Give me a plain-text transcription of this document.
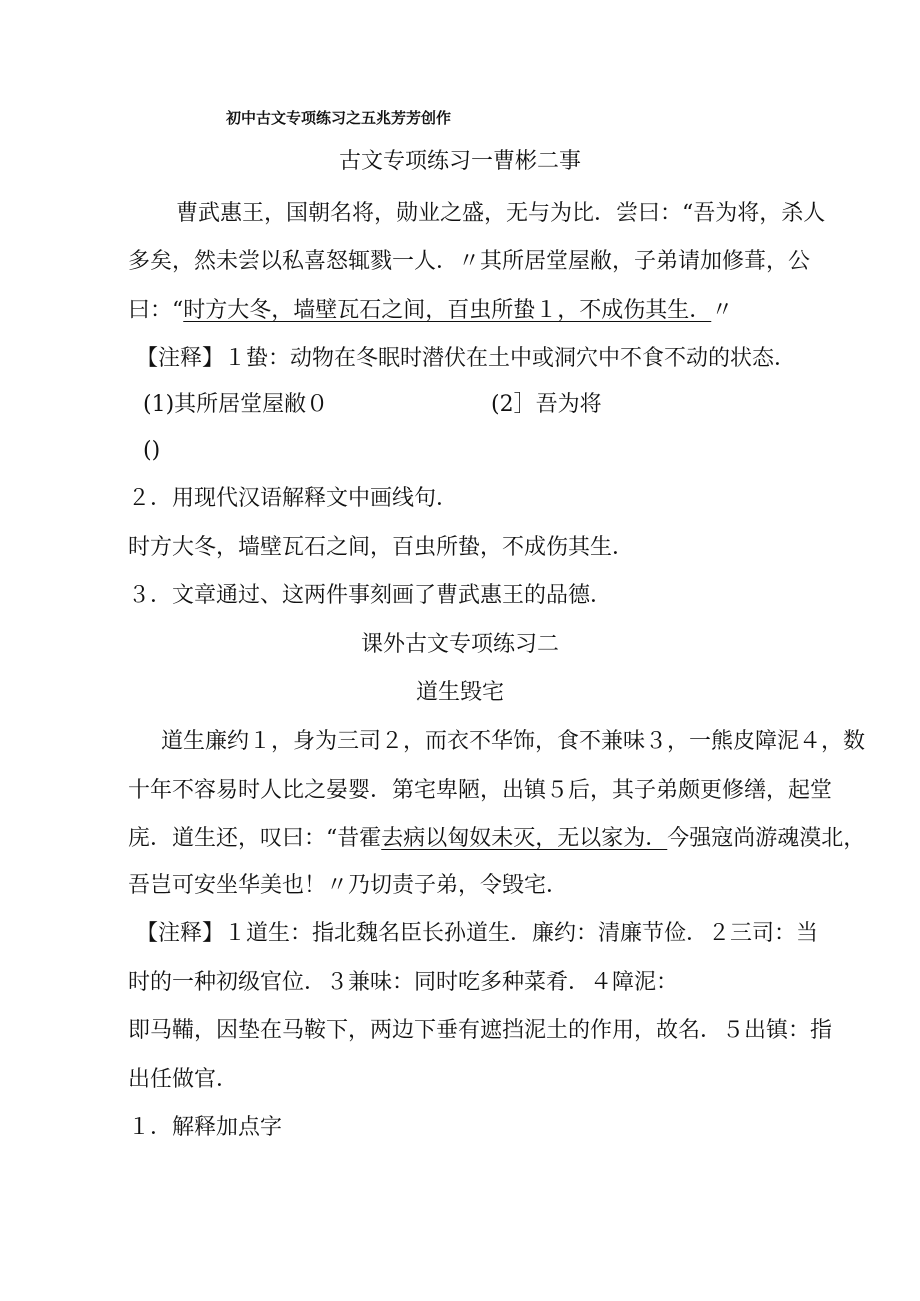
初中古文专项练习之五兆芳芳创作
古文专项练习一曹彬二事
曹武惠王，国朝名将，勋业之盛，无与为比．尝曰：“吾为将，杀人
多矣，然未尝以私喜怒辄戮一人．〃其所居堂屋敝，子弟请加修葺，公
曰：“时方大冬，墙壁瓦石之间，百虫所蛰１，不成伤其生．〃
【注释】１蛰：动物在冬眠时潜伏在土中或洞穴中不食不动的状态．
(1)其所居堂屋敝０	(2］吾为将
()
２．用现代汉语解释文中画线句．
时方大冬，墙壁瓦石之间，百虫所蛰，不成伤其生．
３．文章通过、这两件事刻画了曹武惠王的品德．
课外古文专项练习二
道生毁宅
道生廉约１，身为三司２，而衣不华饰，食不兼味３，一熊皮障泥４，数
十年不容易时人比之晏婴．第宅卑陋，出镇５后，其子弟颇更修缮，起堂
庑．道生还，叹曰：“昔霍去病以匈奴未灭，无以家为．今强寇尚游魂漠北，
吾岂可安坐华美也！〃乃切责子弟，令毁宅．
【注释】１道生：指北魏名臣长孙道生．廉约：清廉节俭．２三司：当
时的一种初级官位．３兼味：同时吃多种菜肴．４障泥：
即马鞴，因垫在马鞍下，两边下垂有遮挡泥土的作用，故名．５出镇：指
出任做官．
１．解释加点字
